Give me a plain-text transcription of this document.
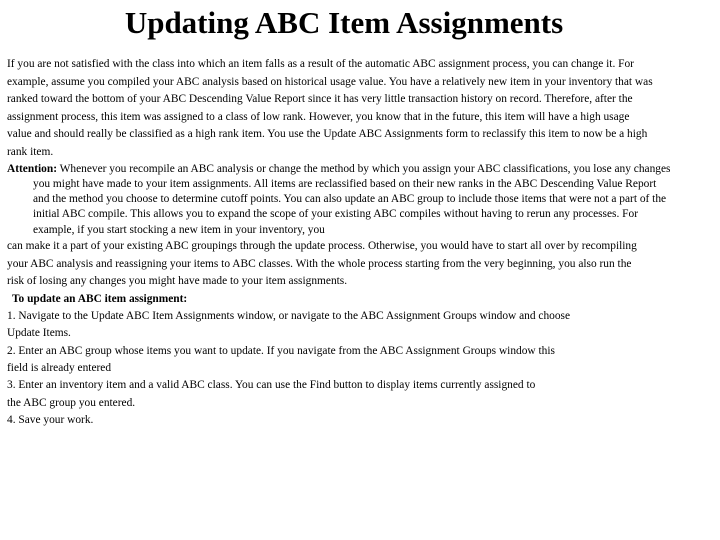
Updating ABC Item Assignments
If you are not satisfied with the class into which an item falls as a result of the automatic ABC assignment process, you can change it. For
example, assume you compiled your ABC analysis based on historical usage value. You have a relatively new item in your inventory that was
ranked toward the bottom of your ABC Descending Value Report since it has very little transaction history on record. Therefore, after the
assignment process, this item was assigned to a class of low rank. However, you know that in the future, this item will have a high usage
value and should really be classified as a high rank item. You use the Update ABC Assignments form to reclassify this item to now be a high
rank item.
Attention: Whenever you recompile an ABC analysis or change the method by which you assign your ABC classifications, you lose any changes
you might have made to your item assignments. All items are reclassified based on their new ranks in the ABC Descending Value Report
and the method you choose to determine cutoff points. You can also update an ABC group to include those items that were not a part of the
initial ABC compile. This allows you to expand the scope of your existing ABC compiles without having to rerun any processes. For
example, if you start stocking a new item in your inventory, you
can make it a part of your existing ABC groupings through the update process. Otherwise, you would have to start all over by recompiling
your ABC analysis and reassigning your items to ABC classes. With the whole process starting from the very beginning, you also run the
risk of losing any changes you might have made to your item assignments.
To update an ABC item assignment:
1. Navigate to the Update ABC Item Assignments window, or navigate to the ABC Assignment Groups window and choose
Update Items.
2. Enter an ABC group whose items you want to update. If you navigate from the ABC Assignment Groups window this
field is already entered
3. Enter an inventory item and a valid ABC class. You can use the Find button to display items currently assigned to
the ABC group you entered.
4. Save your work.
